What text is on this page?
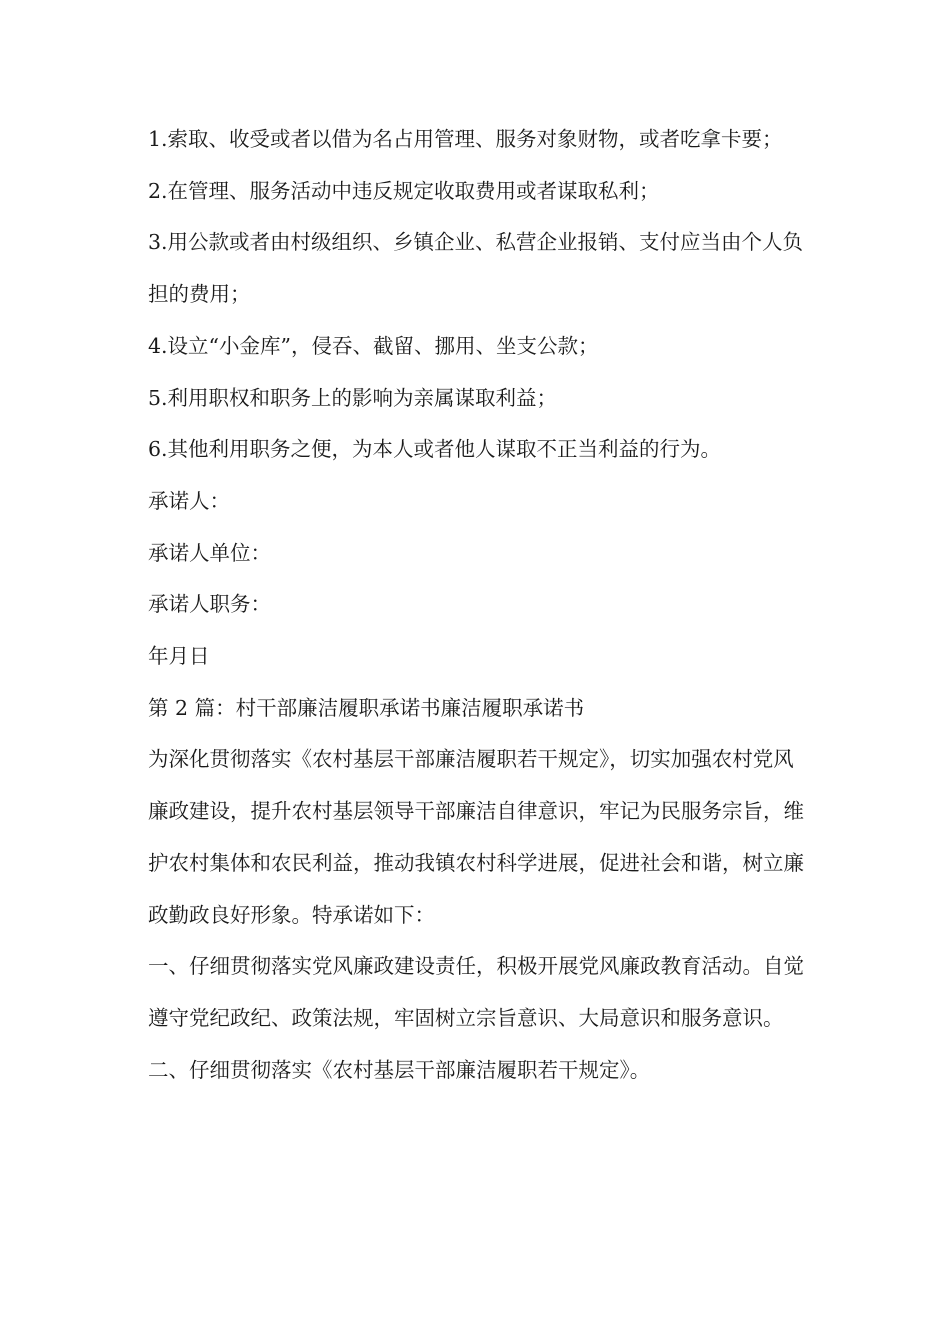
1.索取、收受或者以借为名占用管理、服务对象财物，或者吃拿卡要；

2.在管理、服务活动中违反规定收取费用或者谋取私利；

3.用公款或者由村级组织、乡镇企业、私营企业报销、支付应当由个人负担的费用；

4.设立“小金库”，侵吞、截留、挪用、坐支公款；

5.利用职权和职务上的影响为亲属谋取利益；

6.其他利用职务之便，为本人或者他人谋取不正当利益的行为。

承诺人：

承诺人单位：

承诺人职务：

年月日

第 2 篇：村干部廉洁履职承诺书廉洁履职承诺书

为深化贯彻落实《农村基层干部廉洁履职若干规定》，切实加强农村党风廉政建设，提升农村基层领导干部廉洁自律意识，牢记为民服务宗旨，维护农村集体和农民利益，推动我镇农村科学进展，促进社会和谐，树立廉政勤政良好形象。特承诺如下：

一、仔细贯彻落实党风廉政建设责任，积极开展党风廉政教育活动。自觉遵守党纪政纪、政策法规，牢固树立宗旨意识、大局意识和服务意识。

二、仔细贯彻落实《农村基层干部廉洁履职若干规定》。
